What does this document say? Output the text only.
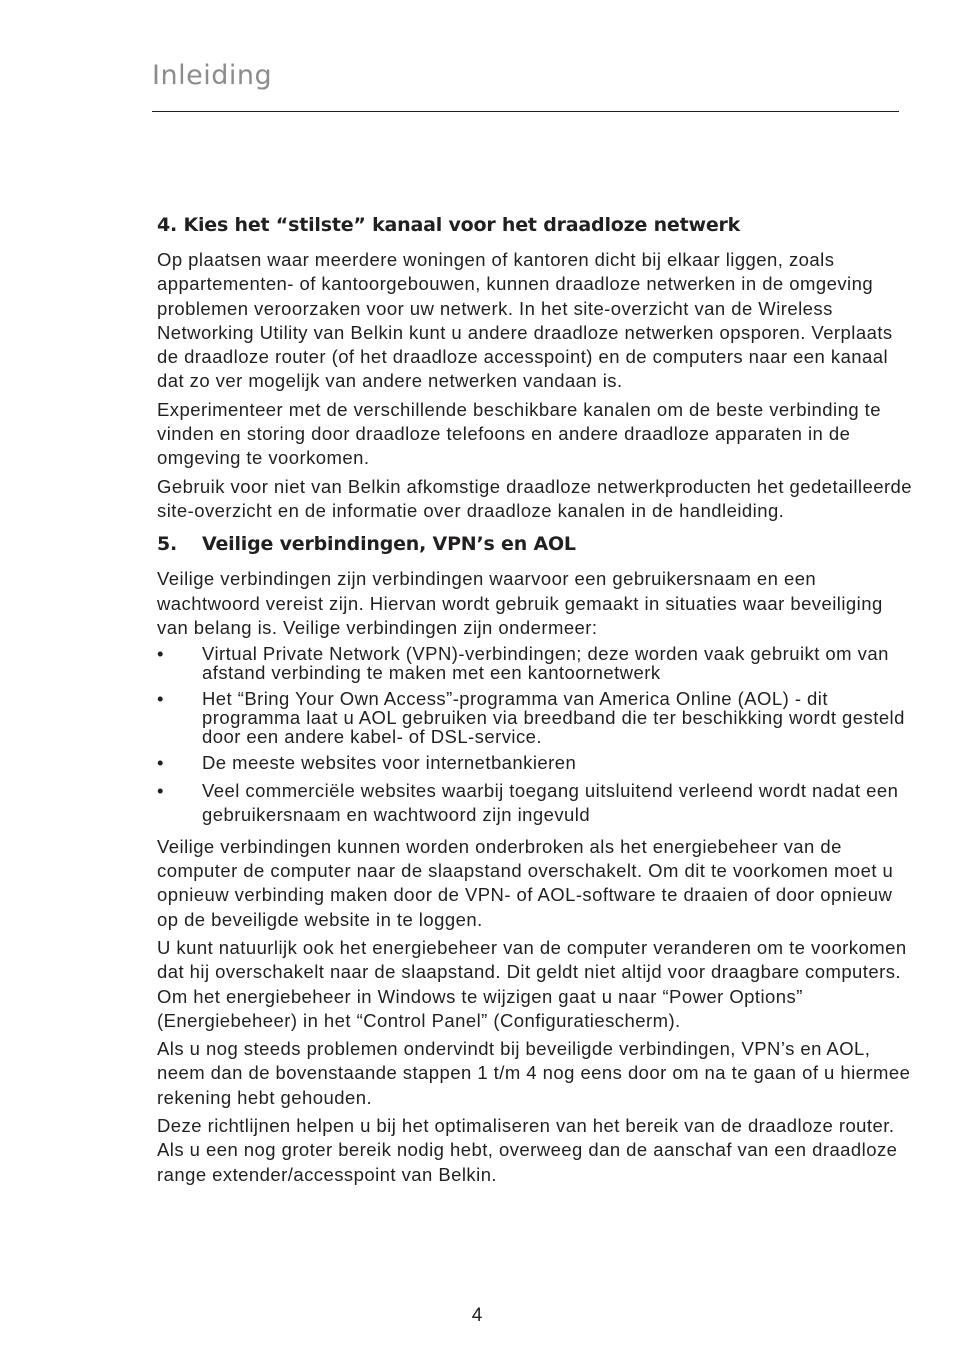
Inleiding
4. Kies het “stilste” kanaal voor het draadloze netwerk

Op plaatsen waar meerdere woningen of kantoren dicht bij elkaar liggen, zoals appartementen- of kantoorgebouwen, kunnen draadloze netwerken in de omgeving problemen veroorzaken voor uw netwerk. In het site-overzicht van de Wireless Networking Utility van Belkin kunt u andere draadloze netwerken opsporen. Verplaats de draadloze router (of het draadloze accesspoint) en de computers naar een kanaal dat zo ver mogelijk van andere netwerken vandaan is.

Experimenteer met de verschillende beschikbare kanalen om de beste verbinding te vinden en storing door draadloze telefoons en andere draadloze apparaten in de omgeving te voorkomen.

Gebruik voor niet van Belkin afkomstige draadloze netwerkproducten het gedetailleerde site-overzicht en de informatie over draadloze kanalen in de handleiding.

5. Veilige verbindingen, VPN’s en AOL

Veilige verbindingen zijn verbindingen waarvoor een gebruikersnaam en een wachtwoord vereist zijn. Hiervan wordt gebruik gemaakt in situaties waar beveiliging van belang is. Veilige verbindingen zijn ondermeer:

• Virtual Private Network (VPN)-verbindingen; deze worden vaak gebruikt om van afstand verbinding te maken met een kantoornetwerk
• Het “Bring Your Own Access”-programma van America Online (AOL) - dit programma laat u AOL gebruiken via breedband die ter beschikking wordt gesteld door een andere kabel- of DSL-service.
• De meeste websites voor internetbankieren
• Veel commerciële websites waarbij toegang uitsluitend verleend wordt nadat een gebruikersnaam en wachtwoord zijn ingevuld

Veilige verbindingen kunnen worden onderbroken als het energiebeheer van de computer de computer naar de slaapstand overschakelt. Om dit te voorkomen moet u opnieuw verbinding maken door de VPN- of AOL-software te draaien of door opnieuw op de beveiligde website in te loggen.

U kunt natuurlijk ook het energiebeheer van de computer veranderen om te voorkomen dat hij overschakelt naar de slaapstand. Dit geldt niet altijd voor draagbare computers. Om het energiebeheer in Windows te wijzigen gaat u naar “Power Options” (Energiebeheer) in het “Control Panel” (Configuratiescherm).

Als u nog steeds problemen ondervindt bij beveiligde verbindingen, VPN’s en AOL, neem dan de bovenstaande stappen 1 t/m 4 nog eens door om na te gaan of u hiermee rekening hebt gehouden.

Deze richtlijnen helpen u bij het optimaliseren van het bereik van de draadloze router. Als u een nog groter bereik nodig hebt, overweeg dan de aanschaf van een draadloze range extender/accesspoint van Belkin.

4
